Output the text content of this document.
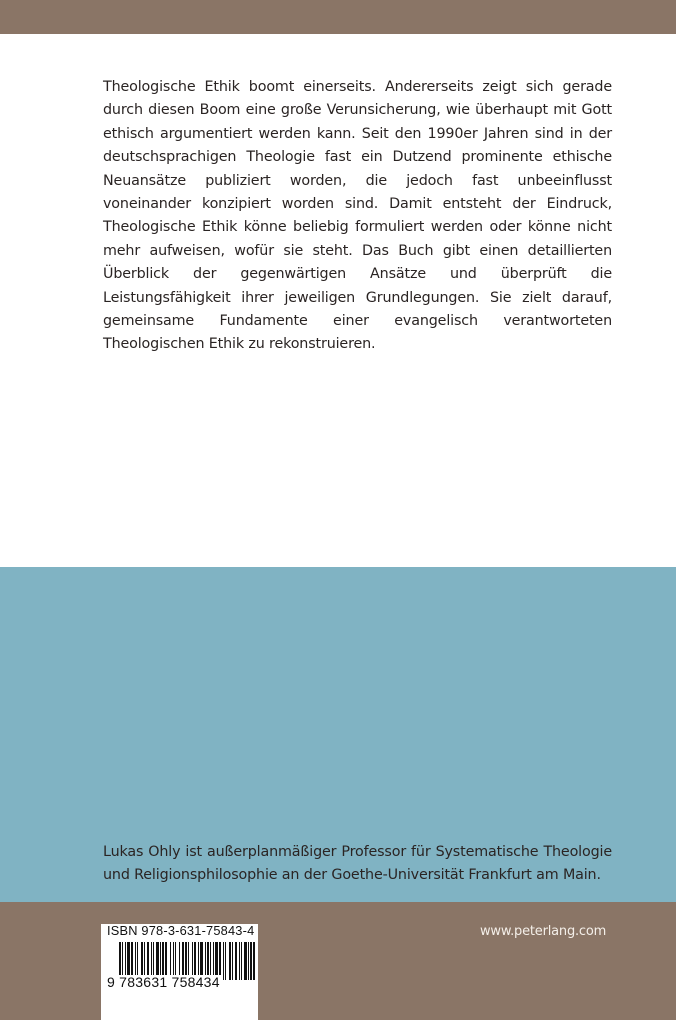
Theologische Ethik boomt einerseits. Andererseits zeigt sich gerade durch diesen Boom eine große Verunsicherung, wie überhaupt mit Gott ethisch argumentiert werden kann. Seit den 1990er Jahren sind in der deutschsprachigen Theologie fast ein Dutzend prominente ethische Neuansätze publiziert worden, die jedoch fast unbeeinflusst voneinander konzipiert worden sind. Damit entsteht der Eindruck, Theologische Ethik könne beliebig formuliert werden oder könne nicht mehr aufweisen, wofür sie steht. Das Buch gibt einen detaillierten Überblick der gegenwärtigen Ansätze und überprüft die Leistungsfähigkeit ihrer jeweiligen Grundlegungen. Sie zielt darauf, gemeinsame Fundamente einer evangelisch verantworteten Theologischen Ethik zu rekonstruieren.

Lukas Ohly ist außerplanmäßiger Professor für Systematische Theologie und Religionsphilosophie an der Goethe-Universität Frankfurt am Main.

ISBN 978-3-631-75843-4
9 783631 758434
www.peterlang.com
